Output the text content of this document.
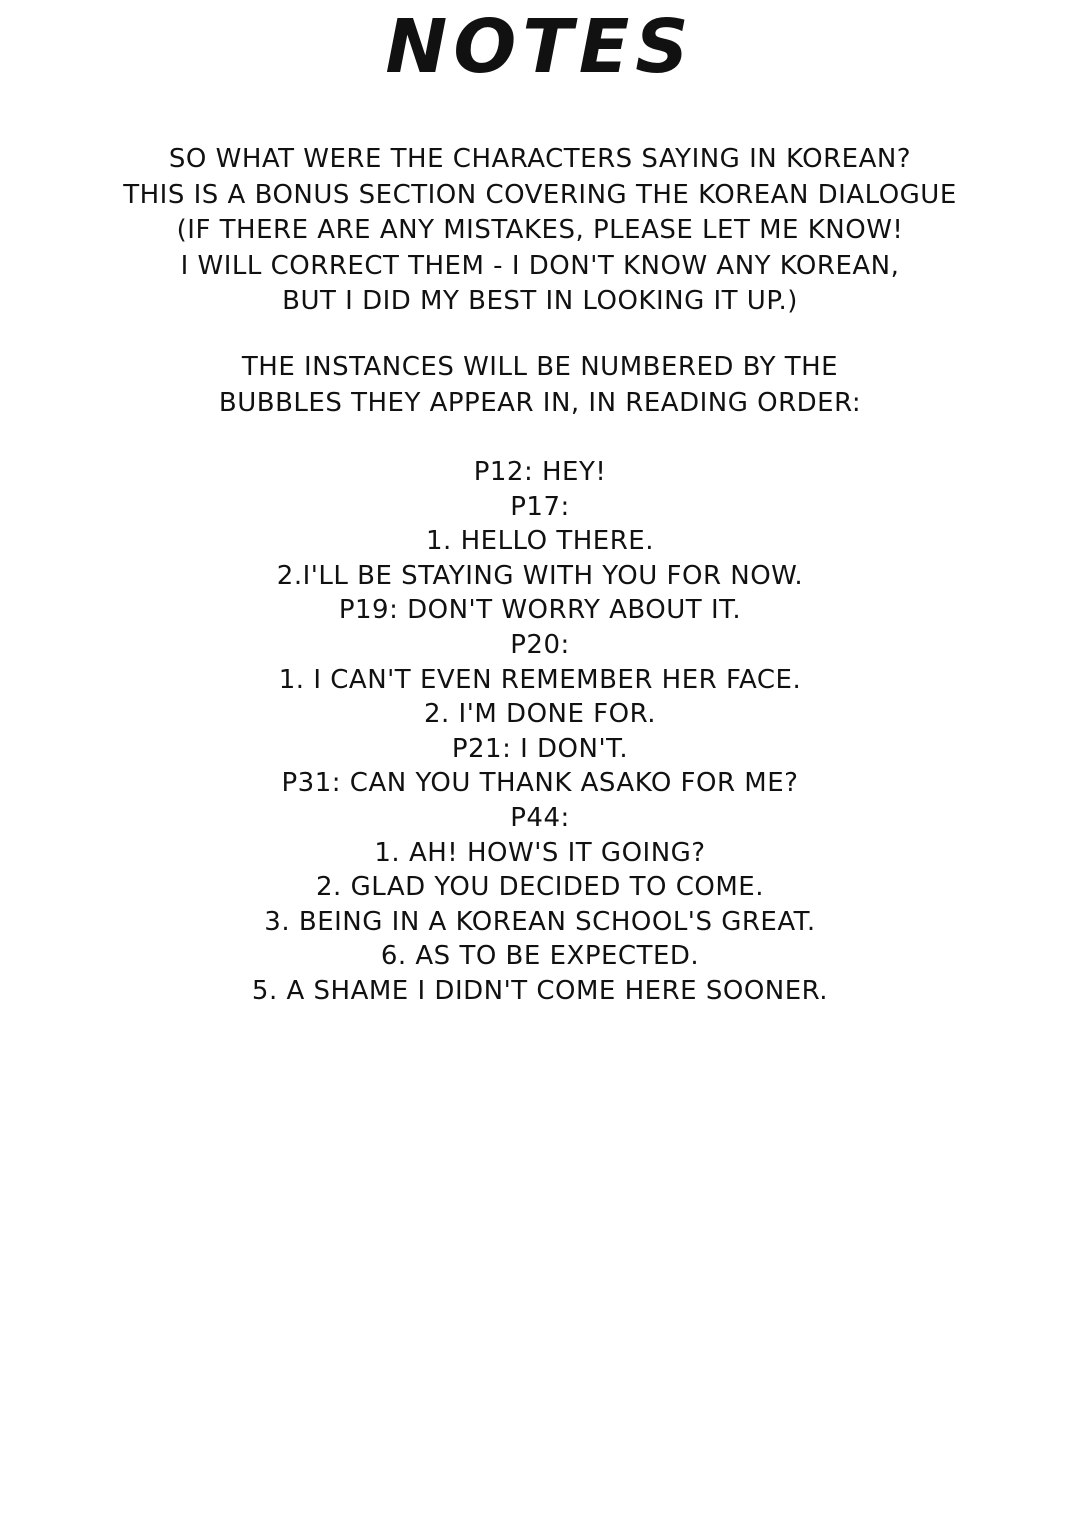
NOTES
SO WHAT WERE THE CHARACTERS SAYING IN KOREAN?
THIS IS A BONUS SECTION COVERING THE KOREAN DIALOGUE
(IF THERE ARE ANY MISTAKES, PLEASE LET ME KNOW!
I WILL CORRECT THEM - I DON'T KNOW ANY KOREAN,
BUT I DID MY BEST IN LOOKING IT UP.)
THE INSTANCES WILL BE NUMBERED BY THE
BUBBLES THEY APPEAR IN, IN READING ORDER:
P12: HEY!
P17:
1. HELLO THERE.
2.I'LL BE STAYING WITH YOU FOR NOW.
P19: DON'T WORRY ABOUT IT.
P20:
1. I CAN'T EVEN REMEMBER HER FACE.
2. I'M DONE FOR.
P21: I DON'T.
P31: CAN YOU THANK ASAKO FOR ME?
P44:
1. AH! HOW'S IT GOING?
2. GLAD YOU DECIDED TO COME.
3. BEING IN A KOREAN SCHOOL'S GREAT.
6. AS TO BE EXPECTED.
5. A SHAME I DIDN'T COME HERE SOONER.
